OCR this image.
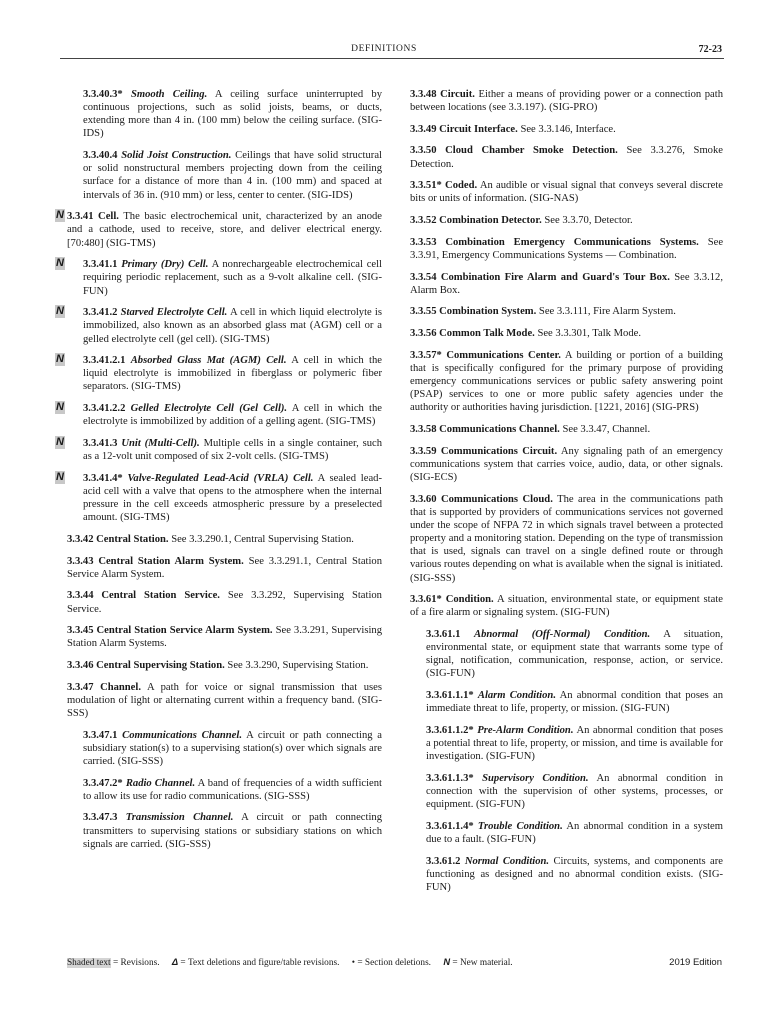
DEFINITIONS	72-23
3.3.40.3* Smooth Ceiling. A ceiling surface uninterrupted by continuous projections, such as solid joists, beams, or ducts, extending more than 4 in. (100 mm) below the ceiling surface. (SIG-IDS)
3.3.40.4 Solid Joist Construction. Ceilings that have solid structural or solid nonstructural members projecting down from the ceiling surface for a distance of more than 4 in. (100 mm) and spaced at intervals of 36 in. (910 mm) or less, center to center. (SIG-IDS)
N 3.3.41 Cell. The basic electrochemical unit, characterized by an anode and a cathode, used to receive, store, and deliver electrical energy. [70:480] (SIG-TMS)
N 3.3.41.1 Primary (Dry) Cell. A nonrechargeable electrochemical cell requiring periodic replacement, such as a 9-volt alkaline cell. (SIG-FUN)
N 3.3.41.2 Starved Electrolyte Cell. A cell in which liquid electrolyte is immobilized, also known as an absorbed glass mat (AGM) cell or a gelled electrolyte cell (gel cell). (SIG-TMS)
N 3.3.41.2.1 Absorbed Glass Mat (AGM) Cell. A cell in which the liquid electrolyte is immobilized in fiberglass or polymeric fiber separators. (SIG-TMS)
N 3.3.41.2.2 Gelled Electrolyte Cell (Gel Cell). A cell in which the electrolyte is immobilized by addition of a gelling agent. (SIG-TMS)
N 3.3.41.3 Unit (Multi-Cell). Multiple cells in a single container, such as a 12-volt unit composed of six 2-volt cells. (SIG-TMS)
N 3.3.41.4* Valve-Regulated Lead-Acid (VRLA) Cell. A sealed lead-acid cell with a valve that opens to the atmosphere when the internal pressure in the cell exceeds atmospheric pressure by a preselected amount. (SIG-TMS)
3.3.42 Central Station. See 3.3.290.1, Central Supervising Station.
3.3.43 Central Station Alarm System. See 3.3.291.1, Central Station Service Alarm System.
3.3.44 Central Station Service. See 3.3.292, Supervising Station Service.
3.3.45 Central Station Service Alarm System. See 3.3.291, Supervising Station Alarm Systems.
3.3.46 Central Supervising Station. See 3.3.290, Supervising Station.
3.3.47 Channel. A path for voice or signal transmission that uses modulation of light or alternating current within a frequency band. (SIG-SSS)
3.3.47.1 Communications Channel. A circuit or path connecting a subsidiary station(s) to a supervising station(s) over which signals are carried. (SIG-SSS)
3.3.47.2* Radio Channel. A band of frequencies of a width sufficient to allow its use for radio communications. (SIG-SSS)
3.3.47.3 Transmission Channel. A circuit or path connecting transmitters to supervising stations or subsidiary stations on which signals are carried. (SIG-SSS)
3.3.48 Circuit. Either a means of providing power or a connection path between locations (see 3.3.197). (SIG-PRO)
3.3.49 Circuit Interface. See 3.3.146, Interface.
3.3.50 Cloud Chamber Smoke Detection. See 3.3.276, Smoke Detection.
3.3.51* Coded. An audible or visual signal that conveys several discrete bits or units of information. (SIG-NAS)
3.3.52 Combination Detector. See 3.3.70, Detector.
3.3.53 Combination Emergency Communications Systems. See 3.3.91, Emergency Communications Systems — Combination.
3.3.54 Combination Fire Alarm and Guard's Tour Box. See 3.3.12, Alarm Box.
3.3.55 Combination System. See 3.3.111, Fire Alarm System.
3.3.56 Common Talk Mode. See 3.3.301, Talk Mode.
3.3.57* Communications Center. A building or portion of a building that is specifically configured for the primary purpose of providing emergency communications services or public safety answering point (PSAP) services to one or more public safety agencies under the authority or authorities having jurisdiction. [1221, 2016] (SIG-PRS)
3.3.58 Communications Channel. See 3.3.47, Channel.
3.3.59 Communications Circuit. Any signaling path of an emergency communications system that carries voice, audio, data, or other signals. (SIG-ECS)
3.3.60 Communications Cloud. The area in the communications path that is supported by providers of communications services not governed under the scope of NFPA 72 in which signals travel between a protected property and a monitoring station. Depending on the type of transmission that is used, signals can travel on a single defined route or through various routes depending on what is available when the signal is initiated. (SIG-SSS)
3.3.61* Condition. A situation, environmental state, or equipment state of a fire alarm or signaling system. (SIG-FUN)
3.3.61.1 Abnormal (Off-Normal) Condition. A situation, environmental state, or equipment state that warrants some type of signal, notification, communication, response, action, or service. (SIG-FUN)
3.3.61.1.1* Alarm Condition. An abnormal condition that poses an immediate threat to life, property, or mission. (SIG-FUN)
3.3.61.1.2* Pre-Alarm Condition. An abnormal condition that poses a potential threat to life, property, or mission, and time is available for investigation. (SIG-FUN)
3.3.61.1.3* Supervisory Condition. An abnormal condition in connection with the supervision of other systems, processes, or equipment. (SIG-FUN)
3.3.61.1.4* Trouble Condition. An abnormal condition in a system due to a fault. (SIG-FUN)
3.3.61.2 Normal Condition. Circuits, systems, and components are functioning as designed and no abnormal condition exists. (SIG-FUN)
Shaded text = Revisions. Δ = Text deletions and figure/table revisions. • = Section deletions. N = New material.	2019 Edition
